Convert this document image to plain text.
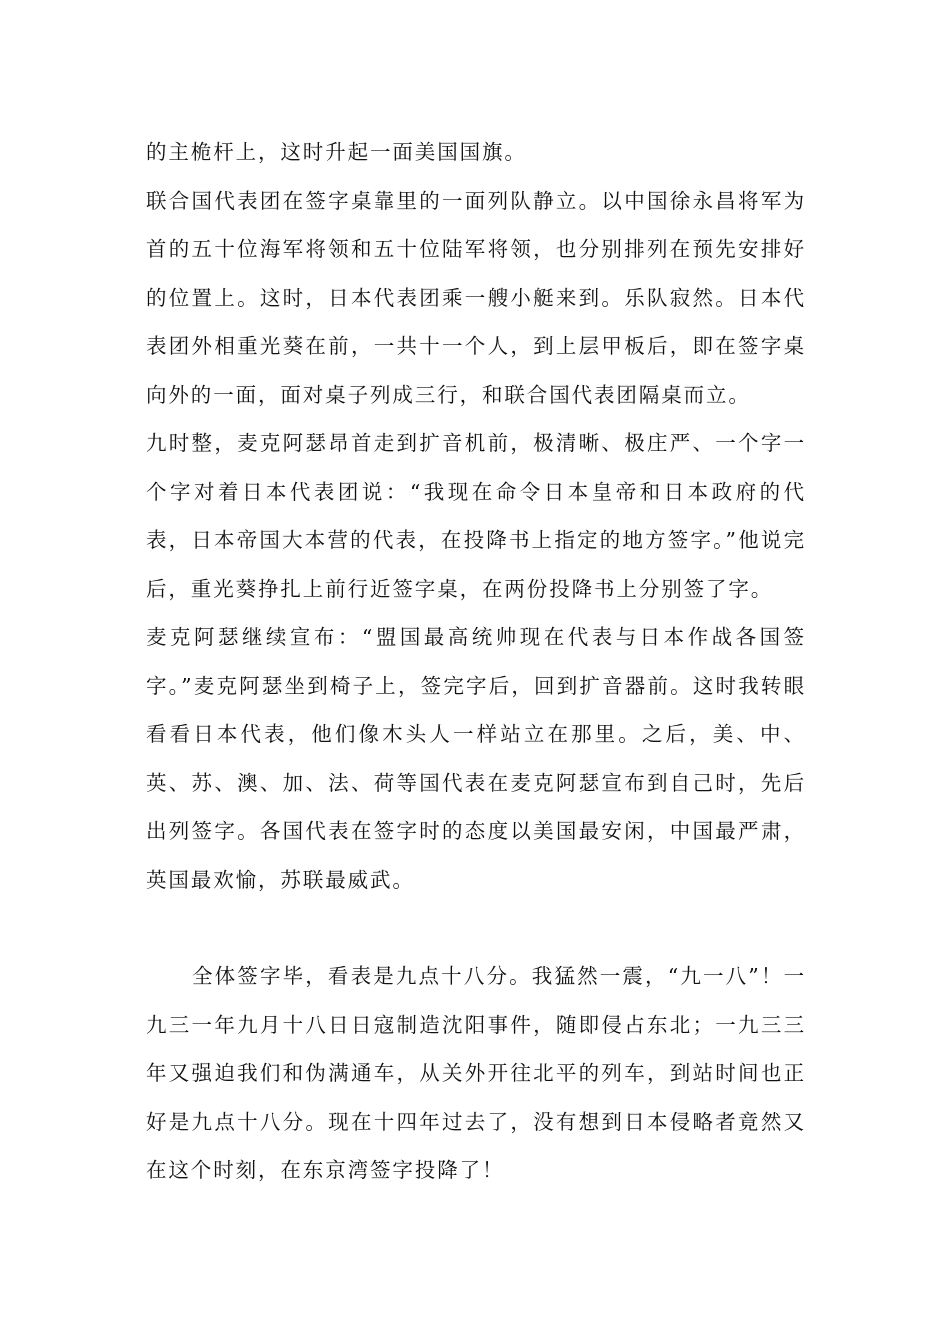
的主桅杆上，这时升起一面美国国旗。

联合国代表团在签字桌靠里的一面列队静立。以中国徐永昌将军为首的五十位海军将领和五十位陆军将领，也分别排列在预先安排好的位置上。这时，日本代表团乘一艘小艇来到。乐队寂然。日本代表团外相重光葵在前，一共十一个人，到上层甲板后，即在签字桌向外的一面，面对桌子列成三行，和联合国代表团隔桌而立。

九时整，麦克阿瑟昂首走到扩音机前，极清晰、极庄严、一个字一个字对着日本代表团说：“我现在命令日本皇帝和日本政府的代表，日本帝国大本营的代表，在投降书上指定的地方签字。”他说完后，重光葵挣扎上前行近签字桌，在两份投降书上分别签了字。

麦克阿瑟继续宣布：“盟国最高统帅现在代表与日本作战各国签字。”麦克阿瑟坐到椅子上，签完字后，回到扩音器前。这时我转眼看看日本代表，他们像木头人一样站立在那里。之后，美、中、英、苏、澳、加、法、荷等国代表在麦克阿瑟宣布到自己时，先后出列签字。各国代表在签字时的态度以美国最安闲，中国最严肃，英国最欢愉，苏联最威武。

全体签字毕，看表是九点十八分。我猛然一震，“九一八”！一九三一年九月十八日日寇制造沈阳事件，随即侵占东北；一九三三年又强迫我们和伪满通车，从关外开往北平的列车，到站时间也正好是九点十八分。现在十四年过去了，没有想到日本侵略者竟然又在这个时刻，在东京湾签字投降了！
